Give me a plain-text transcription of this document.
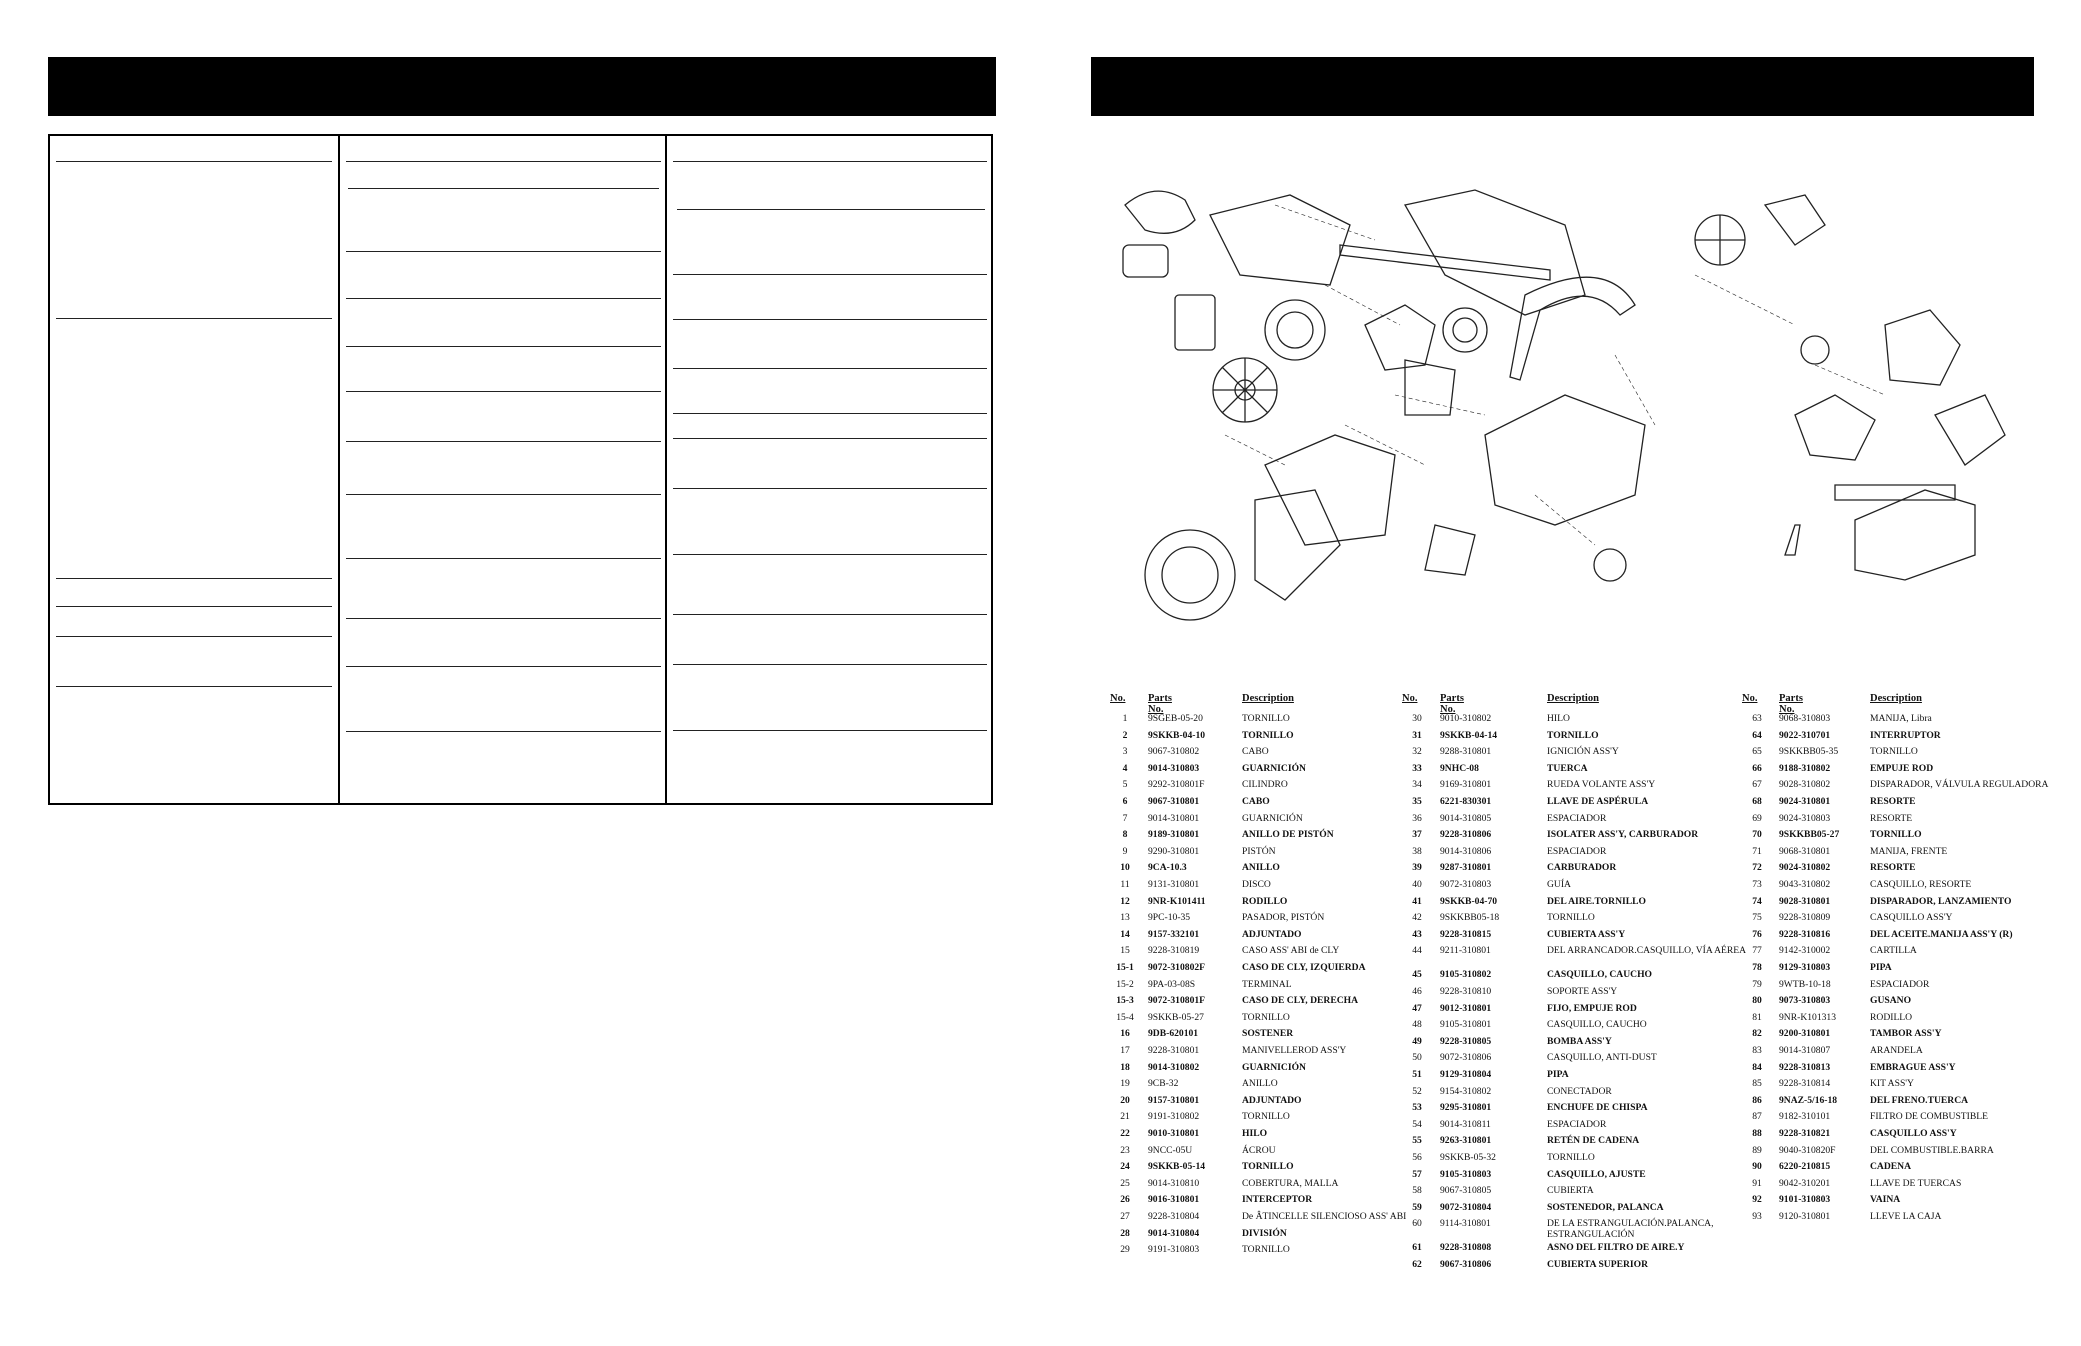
No. Parts No.
Description
1	9SGEB-05-20	TORNILLO
2	9SKKB-04-10	TORNILLO
3	9067-310802	CABO
4	9014-310803	GUARNICIÓN
5	9292-310801F	CILINDRO
6	9067-310801	CABO
7	9014-310801	GUARNICIÓN
8	9189-310801	ANILLO DE PISTÓN
9	9290-310801	PISTÓN
10	9CA-10.3	ANILLO
11	9131-310801	DISCO
12	9NR-K101411	RODILLO
13	9PC-10-35	PASADOR, PISTÓN
14	9157-332101	ADJUNTADO
15	9228-310819	CASO ASS' ABI de CLY
15-1	9072-310802F	CASO DE CLY, IZQUIERDA
15-2	9PA-03-08S	TERMINAL
15-3	9072-310801F	CASO DE CLY, DERECHA
15-4	9SKKB-05-27	TORNILLO
16	9DB-620101	SOSTENER
17	9228-310801	MANIVELLEROD ASS'Y
18	9014-310802	GUARNICIÓN
19	9CB-32	ANILLO
20	9157-310801	ADJUNTADO
21	9191-310802	TORNILLO
22	9010-310801	HILO
23	9NCC-05U	ÁCROU
24	9SKKB-05-14	TORNILLO
25	9014-310810	COBERTURA, MALLA
26	9016-310801	INTERCEPTOR
27	9228-310804	De ÂTINCELLE SILENCIOSO ASS' ABI
28	9014-310804	DIVISIÓN
29	9191-310803	TORNILLO
No. Parts No.
Description
30	9010-310802	HILO
31	9SKKB-04-14	TORNILLO
32	9288-310801	IGNICIÓN ASS'Y
33	9NHC-08	TUERCA
34	9169-310801	RUEDA VOLANTE ASS'Y
35	6221-830301	LLAVE DE ASPÉRULA
36	9014-310805	ESPACIADOR
37	9228-310806	ISOLATER ASS'Y, CARBURADOR
38	9014-310806	ESPACIADOR
39	9287-310801	CARBURADOR
40	9072-310803	GUÍA
41	9SKKB-04-70	DEL AIRE.TORNILLO
42	9SKKBB05-18	TORNILLO
43	9228-310815	CUBIERTA ASS'Y
44	9211-310801	DEL ARRANCADOR.CASQUILLO, VÍA AÉREA
45	9105-310802	CASQUILLO, CAUCHO
46	9228-310810	SOPORTE ASS'Y
47	9012-310801	FIJO, EMPUJE ROD
48	9105-310801	CASQUILLO, CAUCHO
49	9228-310805	BOMBA ASS'Y
50	9072-310806	CASQUILLO, ANTI-DUST
51	9129-310804	PIPA
52	9154-310802	CONECTADOR
53	9295-310801	ENCHUFE DE CHISPA
54	9014-310811	ESPACIADOR
55	9263-310801	RETÉN DE CADENA
56	9SKKB-05-32	TORNILLO
57	9105-310803	CASQUILLO, AJUSTE
58	9067-310805	CUBIERTA
59	9072-310804	SOSTENEDOR, PALANCA
60	9114-310801	DE LA ESTRANGULACIÓN.PALANCA, ESTRANGULACIÓN
61	9228-310808	ASNO DEL FILTRO DE AIRE.Y
62	9067-310806	CUBIERTA SUPERIOR
No. Parts No.
Description
63	9068-310803	MANIJA, Libra
64	9022-310701	INTERRUPTOR
65	9SKKBB05-35	TORNILLO
66	9188-310802	EMPUJE ROD
67	9028-310802	DISPARADOR, VÁLVULA REGULADORA
68	9024-310801	RESORTE
69	9024-310803	RESORTE
70	9SKKBB05-27	TORNILLO
71	9068-310801	MANIJA, FRENTE
72	9024-310802	RESORTE
73	9043-310802	CASQUILLO, RESORTE
74	9028-310801	DISPARADOR, LANZAMIENTO
75	9228-310809	CASQUILLO ASS'Y
76	9228-310816	DEL ACEITE.MANIJA ASS'Y (R)
77	9142-310002	CARTILLA
78	9129-310803	PIPA
79	9WTB-10-18	ESPACIADOR
80	9073-310803	GUSANO
81	9NR-K101313	RODILLO
82	9200-310801	TAMBOR ASS'Y
83	9014-310807	ARANDELA
84	9228-310813	EMBRAGUE ASS'Y
85	9228-310814	KIT ASS'Y
86	9NAZ-5/16-18	DEL FRENO.TUERCA
87	9182-310101	FILTRO DE COMBUSTIBLE
88	9228-310821	CASQUILLO ASS'Y
89	9040-310820F	DEL COMBUSTIBLE.BARRA
90	6220-210815	CADENA
91	9042-310201	LLAVE DE TUERCAS
92	9101-310803	VAINA
93	9120-310801	LLEVE LA CAJA
